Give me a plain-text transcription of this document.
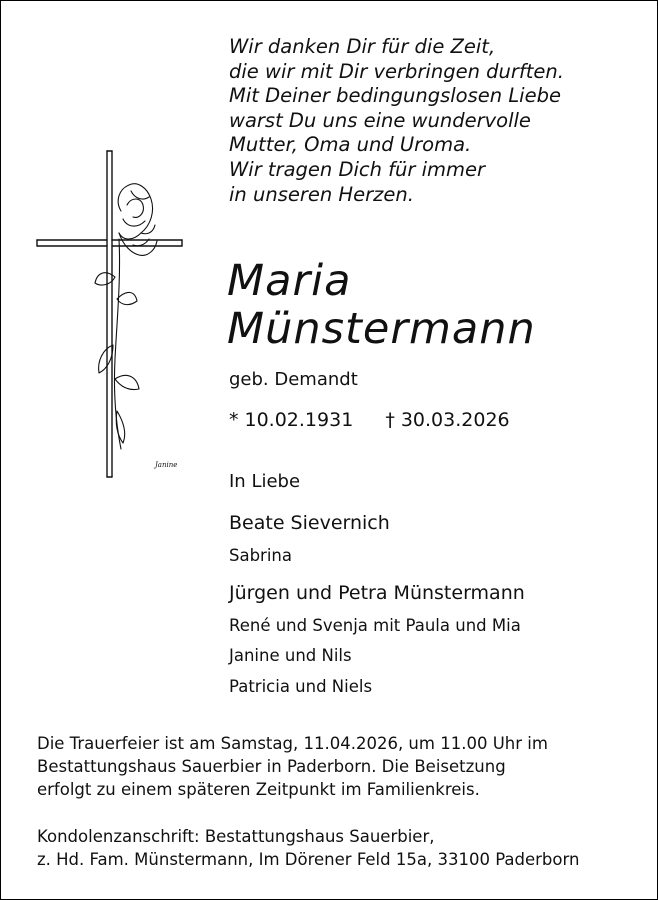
Wir danken Dir für die Zeit,
die wir mit Dir verbringen durften.
Mit Deiner bedingungslosen Liebe
warst Du uns eine wundervolle
Mutter, Oma und Uroma.
Wir tragen Dich für immer
in unseren Herzen.
Janine
Maria
Münstermann
geb. Demandt
* 10.02.1931 † 30.03.2026
In Liebe
Beate Sievernich
Sabrina
Jürgen und Petra Münstermann
René und Svenja mit Paula und Mia
Janine und Nils
Patricia und Niels
Die Trauerfeier ist am Samstag, 11.04.2026, um 11.00 Uhr im
Bestattungshaus Sauerbier in Paderborn. Die Beisetzung
erfolgt zu einem späteren Zeitpunkt im Familienkreis.
Kondolenzanschrift: Bestattungshaus Sauerbier,
z. Hd. Fam. Münstermann, Im Dörener Feld 15a, 33100 Paderborn
